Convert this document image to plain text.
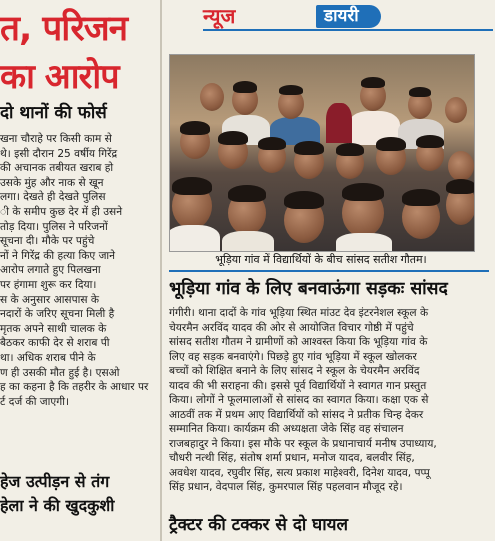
त, परिजन
का आरोप
दो थानों की फोर्स
खना चौराहे पर किसी काम से
थे। इसी दौरान 25 वर्षीय गिरेंद्र
की अचानक तबीयत खराब हो
उसके मुंह और नाक से खून
लगा। देखते ही देखते पुलिस
ी के समीप कुछ देर में ही उसने
तोड़ दिया। पुलिस ने परिजनों
सूचना दी। मौके पर पहुंचे
नों ने गिरेंद्र की हत्या किए जाने
आरोप लगाते हुए पिलखना
पर हंगामा शुरू कर दिया।
स के अनुसार आसपास के
नदारों के जरिए सूचना मिली है
मृतक अपने साथी चालक के
बैठकर काफी देर से शराब पी
था। अधिक शराब पीने के
ण ही उसकी मौत हुई है। एसओ
ह का कहना है कि तहरीर के आधार पर
र्ट दर्ज की जाएगी।
हेज उत्पीड़न से तंग
हेला ने की खुदकुशी
न्यूज	डायरी
भूड़िया गांव में विद्यार्थियों के बीच सांसद सतीश गौतम।
भूड़िया गांव के लिए बनवाऊंगा सड़कः सांसद
गंगीरी। थाना दादों के गांव भूड़िया स्थित मांउट देव इंटरनेशल स्कूल के
चेयरमैन अरविंद यादव की ओर से आयोजित विचार गोष्ठी में पहुंचे
सांसद सतीश गौतम ने ग्रामीणों को आश्वस्त किया कि भूड़िया गांव के
लिए वह सड़क बनवाएंगे। पिछड़े हुए गांव भूड़िया में स्कूल खोलकर
बच्चों को शिक्षित बनाने के लिए सांसद ने स्कूल के चेयरमैन अरविंद
यादव की भी सराहना की। इससे पूर्व विद्यार्थियों ने स्वागत गान प्रस्तुत
किया। लोगों ने फूलमालाओं से सांसद का स्वागत किया। कक्षा एक से
आठवीं तक में प्रथम आए विद्यार्थियों को सांसद ने प्रतीक चिन्ह देकर
सम्मानित किया। कार्यक्रम की अध्यक्षता जेके सिंह वह संचालन
राजबहादुर ने किया। इस मौके पर स्कूल के प्रधानाचार्य मनीष उपाध्याय,
चौधरी नत्थी सिंह, संतोष शर्मा प्रधान, मनोज यादव, बलवीर सिंह,
अवधेश यादव, रघुवीर सिंह, सत्य प्रकाश माहेश्वरी, दिनेश यादव, पप्पू
सिंह प्रधान, वेदपाल सिंह, कुमरपाल सिंह पहलवान मौजूद रहे।
ट्रैक्टर की टक्कर से दो घायल
